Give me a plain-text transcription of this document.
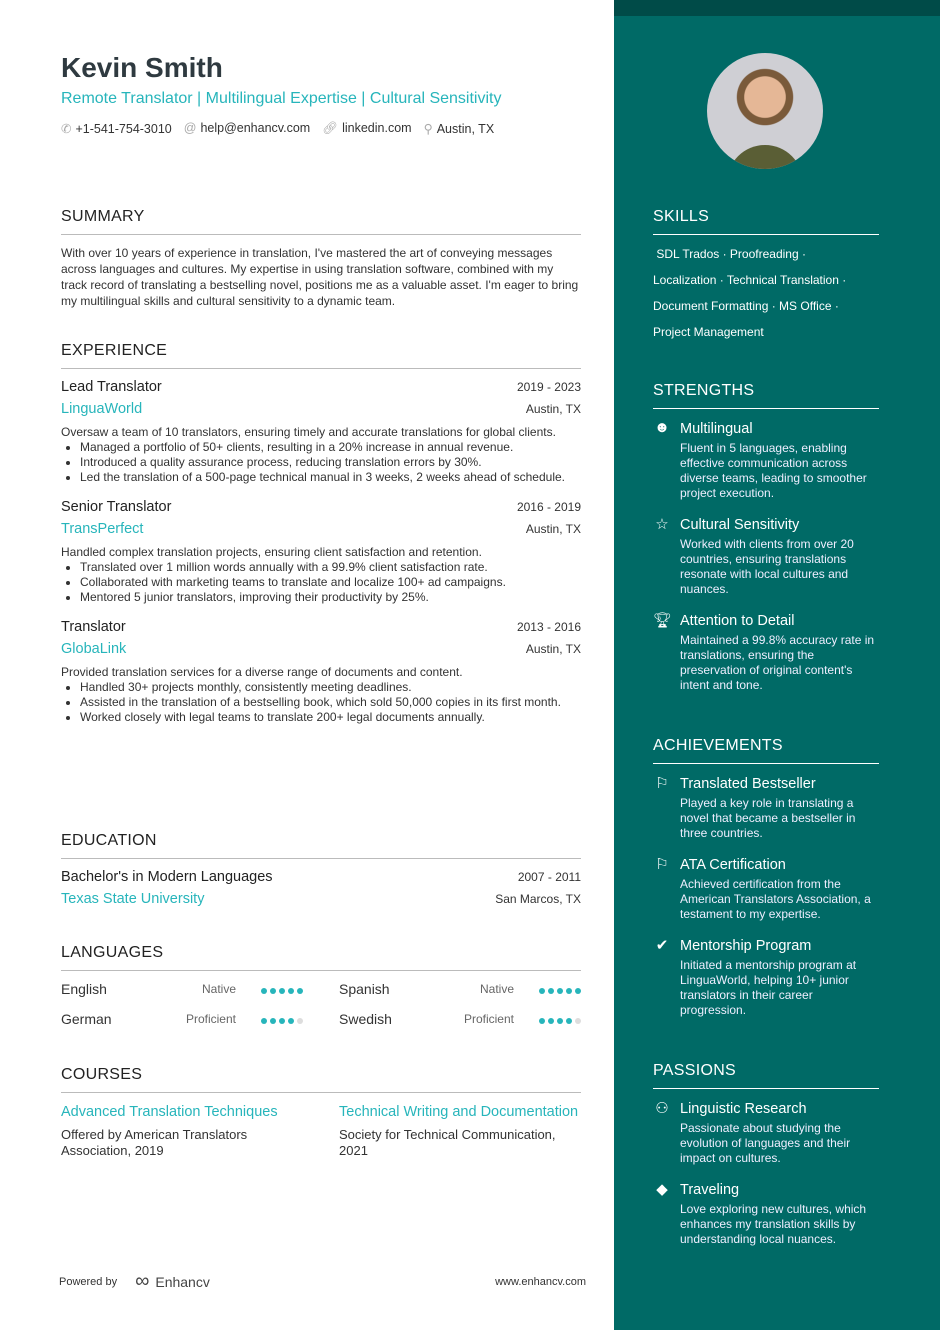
Kevin Smith
Remote Translator | Multilingual Expertise | Cultural Sensitivity
✆ +1-541-754-3010 @ help@enhancv.com 🔗︎ linkedin.com ⚲ Austin, TX
SUMMARY

With over 10 years of experience in translation, I've mastered the art of conveying messages across languages and cultures. My expertise in using translation software, combined with my track record of translating a bestselling novel, positions me as a valuable asset. I'm eager to bring my multilingual skills and cultural sensitivity to a dynamic team.

EXPERIENCE
Lead Translator	2019 - 2023
LinguaWorld	Austin, TX

Oversaw a team of 10 translators, ensuring timely and accurate translations for global clients.

• Managed a portfolio of 50+ clients, resulting in a 20% increase in annual revenue.
• Introduced a quality assurance process, reducing translation errors by 30%.
• Led the translation of a 500-page technical manual in 3 weeks, 2 weeks ahead of schedule.
Senior Translator	2016 - 2019
TransPerfect	Austin, TX

Handled complex translation projects, ensuring client satisfaction and retention.

• Translated over 1 million words annually with a 99.9% client satisfaction rate.
• Collaborated with marketing teams to translate and localize 100+ ad campaigns.
• Mentored 5 junior translators, improving their productivity by 25%.
Translator	2013 - 2016
GlobaLink	Austin, TX

Provided translation services for a diverse range of documents and content.

• Handled 30+ projects monthly, consistently meeting deadlines.
• Assisted in the translation of a bestselling book, which sold 50,000 copies in its first month.
• Worked closely with legal teams to translate 200+ legal documents annually.
EDUCATION
Bachelor's in Modern Languages	2007 - 2011
Texas State University	San Marcos, TX
LANGUAGES
English	Native	Spanish	Native
German	Proficient	Swedish	Proficient
COURSES
Advanced Translation Techniques
Offered by American Translators Association, 2019
Technical Writing and Documentation
Society for Technical Communication, 2021
SKILLS
SDL Trados · Proofreading ·
Localization · Technical Translation ·
Document Formatting · MS Office ·
Project Management
STRENGTHS
☻ Multilingual
Fluent in 5 languages, enabling effective communication across diverse teams, leading to smoother project execution.
☆ Cultural Sensitivity
Worked with clients from over 20 countries, ensuring translations resonate with local cultures and nuances.
🏆︎ Attention to Detail
Maintained a 99.8% accuracy rate in translations, ensuring the preservation of original content's intent and tone.
ACHIEVEMENTS
⚐ Translated Bestseller
Played a key role in translating a novel that became a bestseller in three countries.
⚐ ATA Certification
Achieved certification from the American Translators Association, a testament to my expertise.
✔ Mentorship Program
Initiated a mentorship program at LinguaWorld, helping 10+ junior translators in their career progression.
PASSIONS
⚇ Linguistic Research
Passionate about studying the evolution of languages and their impact on cultures.
◆ Traveling
Love exploring new cultures, which enhances my translation skills by understanding local nuances.
Powered by ∞ Enhancv	www.enhancv.com
